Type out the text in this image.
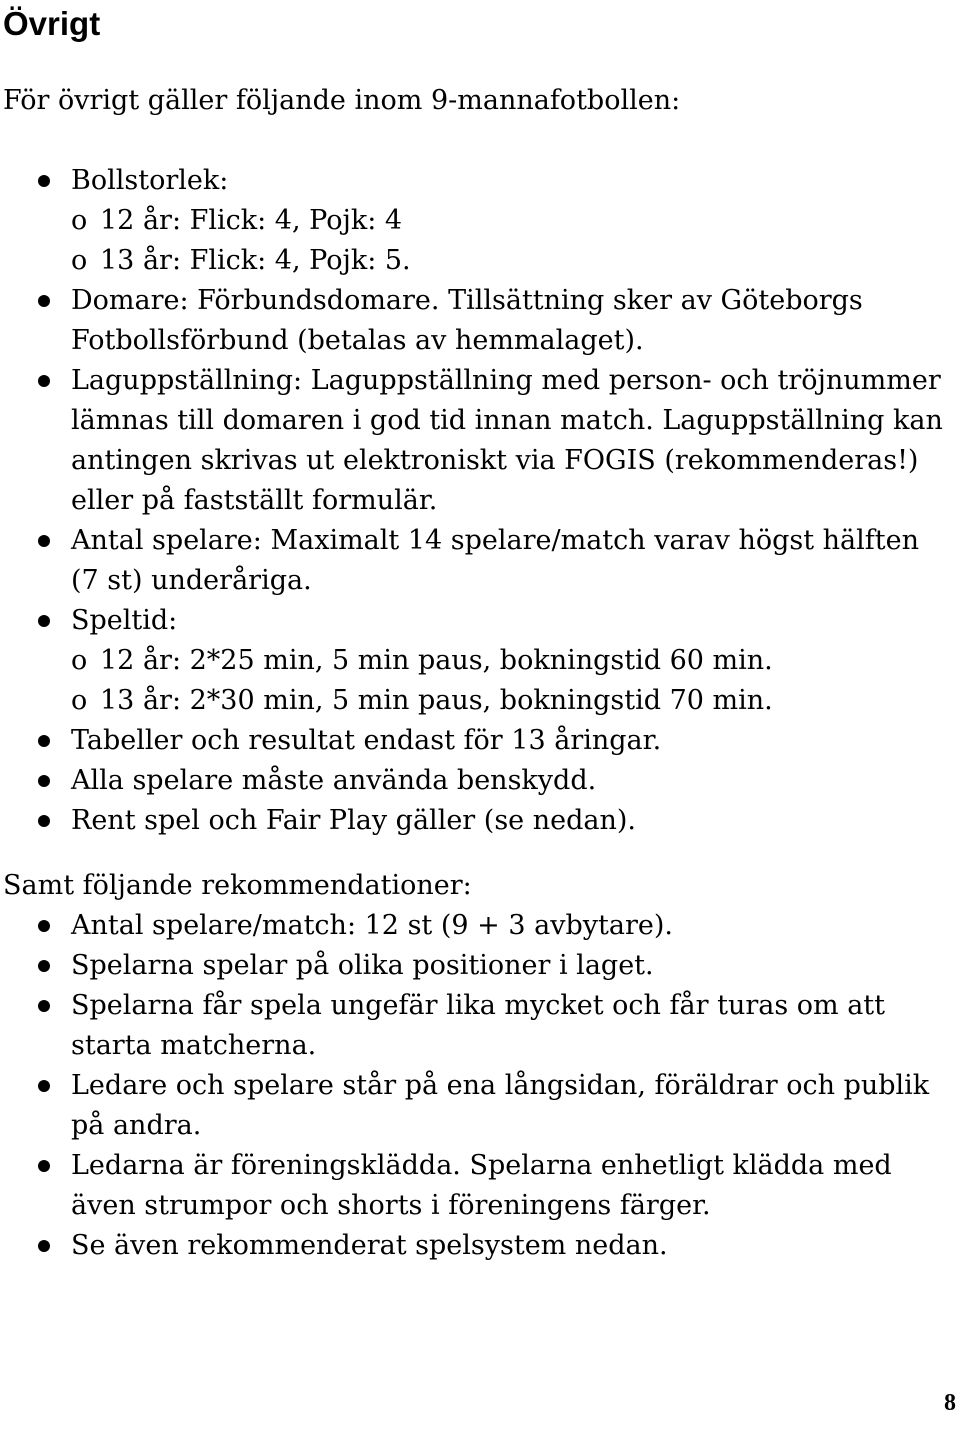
Övrigt

För övrigt gäller följande inom 9-mannafotbollen:

Bollstorlek:
o 12 år: Flick: 4, Pojk: 4
o 13 år: Flick: 4, Pojk: 5.
Domare: Förbundsdomare. Tillsättning sker av Göteborgs
Fotbollsförbund (betalas av hemmalaget).
Laguppställning: Laguppställning med person- och tröjnummer
lämnas till domaren i god tid innan match. Laguppställning kan
antingen skrivas ut elektroniskt via FOGIS (rekommenderas!)
eller på fastställt formulär.
Antal spelare: Maximalt 14 spelare/match varav högst hälften
(7 st) underåriga.
Speltid:
o 12 år: 2*25 min, 5 min paus, bokningstid 60 min.
o 13 år: 2*30 min, 5 min paus, bokningstid 70 min.
Tabeller och resultat endast för 13 åringar.
Alla spelare måste använda benskydd.
Rent spel och Fair Play gäller (se nedan).

Samt följande rekommendationer:

Antal spelare/match: 12 st (9 + 3 avbytare).
Spelarna spelar på olika positioner i laget.
Spelarna får spela ungefär lika mycket och får turas om att
starta matcherna.
Ledare och spelare står på ena långsidan, föräldrar och publik
på andra.
Ledarna är föreningsklädda. Spelarna enhetligt klädda med
även strumpor och shorts i föreningens färger.
Se även rekommenderat spelsystem nedan.

8
